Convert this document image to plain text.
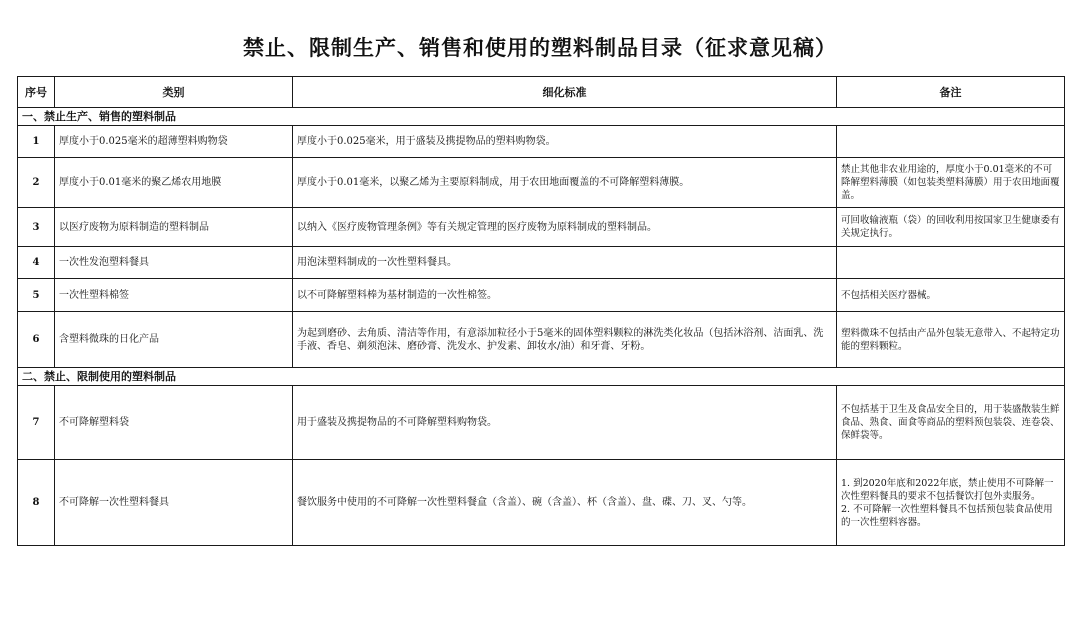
禁止、限制生产、销售和使用的塑料制品目录（征求意见稿）
序号	类别	细化标准	备注
一、禁止生产、销售的塑料制品			
1	厚度小于0.025毫米的超薄塑料购物袋	厚度小于0.025毫米，用于盛装及携提物品的塑料购物袋。	
2	厚度小于0.01毫米的聚乙烯农用地膜	厚度小于0.01毫米，以聚乙烯为主要原料制成，用于农田地面覆盖的不可降解塑料薄膜。	禁止其他非农业用途的，厚度小于0.01毫米的不可降解塑料薄膜（如包装类塑料薄膜）用于农田地面覆盖。
3	以医疗废物为原料制造的塑料制品	以纳入《医疗废物管理条例》等有关规定管理的医疗废物为原料制成的塑料制品。	可回收输液瓶（袋）的回收利用按国家卫生健康委有关规定执行。
4	一次性发泡塑料餐具	用泡沫塑料制成的一次性塑料餐具。	
5	一次性塑料棉签	以不可降解塑料棒为基材制造的一次性棉签。	不包括相关医疗器械。
6	含塑料微珠的日化产品	为起到磨砂、去角质、清洁等作用，有意添加粒径小于5毫米的固体塑料颗粒的淋洗类化妆品（包括沐浴剂、洁面乳、洗手液、香皂、剃须泡沫、磨砂膏、洗发水、护发素、卸妆水/油）和牙膏、牙粉。	塑料微珠不包括由产品外包装无意带入、不起特定功能的塑料颗粒。
二、禁止、限制使用的塑料制品			
7	不可降解塑料袋	用于盛装及携提物品的不可降解塑料购物袋。	不包括基于卫生及食品安全目的，用于装盛散装生鲜食品、熟食、面食等商品的塑料预包装袋、连卷袋、保鲜袋等。
8	不可降解一次性塑料餐具	餐饮服务中使用的不可降解一次性塑料餐盒（含盖）、碗（含盖）、杯（含盖）、盘、碟、刀、叉、勺等。	1. 到2020年底和2022年底，禁止使用不可降解一次性塑料餐具的要求不包括餐饮打包外卖服务。
2. 不可降解一次性塑料餐具不包括预包装食品使用的一次性塑料容器。
